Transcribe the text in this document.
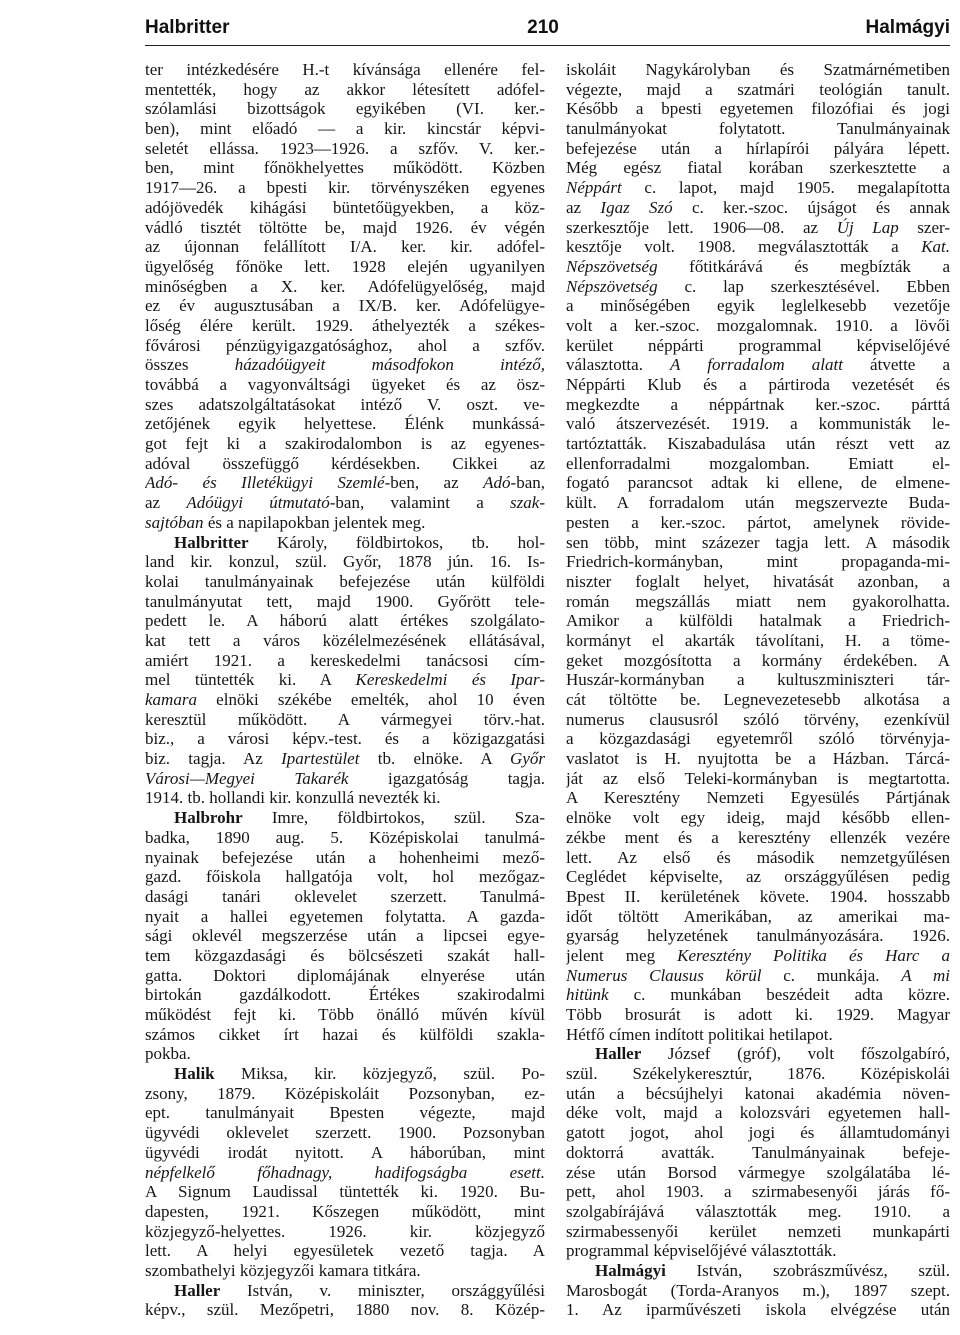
Halbritter	210	Halmágyi
ter intézkedésére H.-t kívánsága ellenére fel-
mentették, hogy az akkor létesített adófel-
szólamlási bizottságok egyikében (VI. ker.-
ben), mint előadó — a kir. kincstár képvi-
seletét ellássa. 1923—1926. a szfőv. V. ker.-
ben, mint főnökhelyettes működött. Közben
1917—26. a bpesti kir. törvényszéken egyenes
adójövedék kihágási büntetőügyekben, a köz-
vádló tisztét töltötte be, majd 1926. év végén
az újonnan felállított I/A. ker. kir. adófel-
ügyelőség főnöke lett. 1928 elején ugyanilyen
minőségben a X. ker. Adófelügyelőség, majd
ez év augusztusában a IX/B. ker. Adófelügye-
lőség élére került. 1929. áthelyezték a székes-
fővárosi pénzügyigazgatósághoz, ahol a szfőv.
összes házadóügyeit másodfokon intéző,
továbbá a vagyonváltsági ügyeket és az ösz-
szes adatszolgáltatásokat intéző V. oszt. ve-
zetőjének egyik helyettese. Élénk munkássá-
got fejt ki a szakirodalombon is az egyenes-
adóval összefüggő kérdésekben. Cikkei az
Adó- és Illetékügyi Szemlé-ben, az Adó-ban,
az Adóügyi útmutató-ban, valamint a szak-
sajtóban és a napilapokban jelentek meg.
Halbritter Károly, földbirtokos, tb. hol-
land kir. konzul, szül. Győr, 1878 jún. 16. Is-
kolai tanulmányainak befejezése után külföldi
tanulmányutat tett, majd 1900. Győrött tele-
pedett le. A háború alatt értékes szolgálato-
kat tett a város közélelmezésének ellátásával,
amiért 1921. a kereskedelmi tanácsosi cím-
mel tüntették ki. A Kereskedelmi és Ipar-
kamara elnöki székébe emelték, ahol 10 éven
keresztül működött. A vármegyei törv.-hat.
biz., a városi képv.-test. és a közigazgatási
biz. tagja. Az Ipartestület tb. elnöke. A Győr
Városi—Megyei Takarék igazgatóság tagja.
1914. tb. hollandi kir. konzullá nevezték ki.
Halbrohr Imre, földbirtokos, szül. Sza-
badka, 1890 aug. 5. Középiskolai tanulmá-
nyainak befejezése után a hohenheimi mező-
gazd. főiskola hallgatója volt, hol mezőgaz-
dasági tanári oklevelet szerzett. Tanulmá-
nyait a hallei egyetemen folytatta. A gazda-
sági oklevél megszerzése után a lipcsei egye-
tem közgazdasági és bölcsészeti szakát hall-
gatta. Doktori diplomájának elnyerése után
birtokán gazdálkodott. Értékes szakirodalmi
működést fejt ki. Több önálló művén kívül
számos cikket írt hazai és külföldi szakla-
pokba.
Halik Miksa, kir. közjegyző, szül. Po-
zsony, 1879. Középiskoláit Pozsonyban, ez-
ept. tanulmányait Bpesten végezte, majd
ügyvédi oklevelet szerzett. 1900. Pozsonyban
ügyvédi irodát nyitott. A háborúban, mint
népfelkelő főhadnagy, hadifogságba esett.
A Signum Laudissal tüntették ki. 1920. Bu-
dapesten, 1921. Kőszegen működött, mint
közjegyző-helyettes. 1926. kir. közjegyző
lett. A helyi egyesületek vezető tagja. A
szombathelyi közjegyzői kamara titkára.
Haller István, v. miniszter, országgyűlési
képv., szül. Mezőpetri, 1880 nov. 8. Közép-
iskoláit Nagykárolyban és Szatmárnémetiben
végezte, majd a szatmári teológián tanult.
Később a bpesti egyetemen filozófiai és jogi
tanulmányokat folytatott. Tanulmányainak
befejezése után a hírlapírói pályára lépett.
Még egész fiatal korában szerkesztette a
Néppárt c. lapot, majd 1905. megalapította
az Igaz Szó c. ker.-szoc. újságot és annak
szerkesztője lett. 1906—08. az Új Lap szer-
kesztője volt. 1908. megválasztották a Kat.
Népszövetség főtitkárává és megbízták a
Népszövetség c. lap szerkesztésével. Ebben
a minőségében egyik leglelkesebb vezetője
volt a ker.-szoc. mozgalomnak. 1910. a lövői
kerület néppárti programmal képviselőjévé
választotta. A forradalom alatt átvette a
Néppárti Klub és a pártiroda vezetését és
megkezdte a néppártnak ker.-szoc. párttá
való átszervezését. 1919. a kommunisták le-
tartóztatták. Kiszabadulása után részt vett az
ellenforradalmi mozgalomban. Emiatt el-
fogató parancsot adtak ki ellene, de elmene-
kült. A forradalom után megszervezte Buda-
pesten a ker.-szoc. pártot, amelynek rövide-
sen több, mint százezer tagja lett. A második
Friedrich-kormányban, mint propaganda-mi-
niszter foglalt helyet, hivatását azonban, a
román megszállás miatt nem gyakorolhatta.
Amikor a külföldi hatalmak a Friedrich-
kormányt el akarták távolítani, H. a töme-
geket mozgósította a kormány érdekében. A
Huszár-kormányban a kultuszminiszteri tár-
cát töltötte be. Legnevezetesebb alkotása a
numerus claususról szóló törvény, ezenkívül
a közgazdasági egyetemről szóló törvényja-
vaslatot is H. nyujtotta be a Házban. Tárcá-
ját az első Teleki-kormányban is megtartotta.
A Keresztény Nemzeti Egyesülés Pártjának
elnöke volt egy ideig, majd később ellen-
zékbe ment és a keresztény ellenzék vezére
lett. Az első és második nemzetgyűlésen
Ceglédet képviselte, az országgyűlésen pedig
Bpest II. kerületének követe. 1904. hosszabb
időt töltött Amerikában, az amerikai ma-
gyarság helyzetének tanulmányozására. 1926.
jelent meg Keresztény Politika és Harc a
Numerus Clausus körül c. munkája. A mi
hitünk c. munkában beszédeit adta közre.
Több brosurát is adott ki. 1929. Magyar
Hétfő címen indított politikai hetilapot.
Haller József (gróf), volt főszolgabíró,
szül. Székelykeresztúr, 1876. Középiskolái
után a bécsújhelyi katonai akadémia növen-
déke volt, majd a kolozsvári egyetemen hall-
gatott jogot, ahol jogi és államtudományi
doktorrá avatták. Tanulmányainak befeje-
zése után Borsod vármegye szolgálatába lé-
pett, ahol 1903. a szirmabesenyői járás fő-
szolgabírájává választották meg. 1910. a
szirmabessenyői kerület nemzeti munkapárti
programmal képviselőjévé választották.
Halmágyi István, szobrászművész, szül.
Marosbogát (Torda-Aranyos m.), 1897 szept.
1. Az iparművészeti iskola elvégzése után
